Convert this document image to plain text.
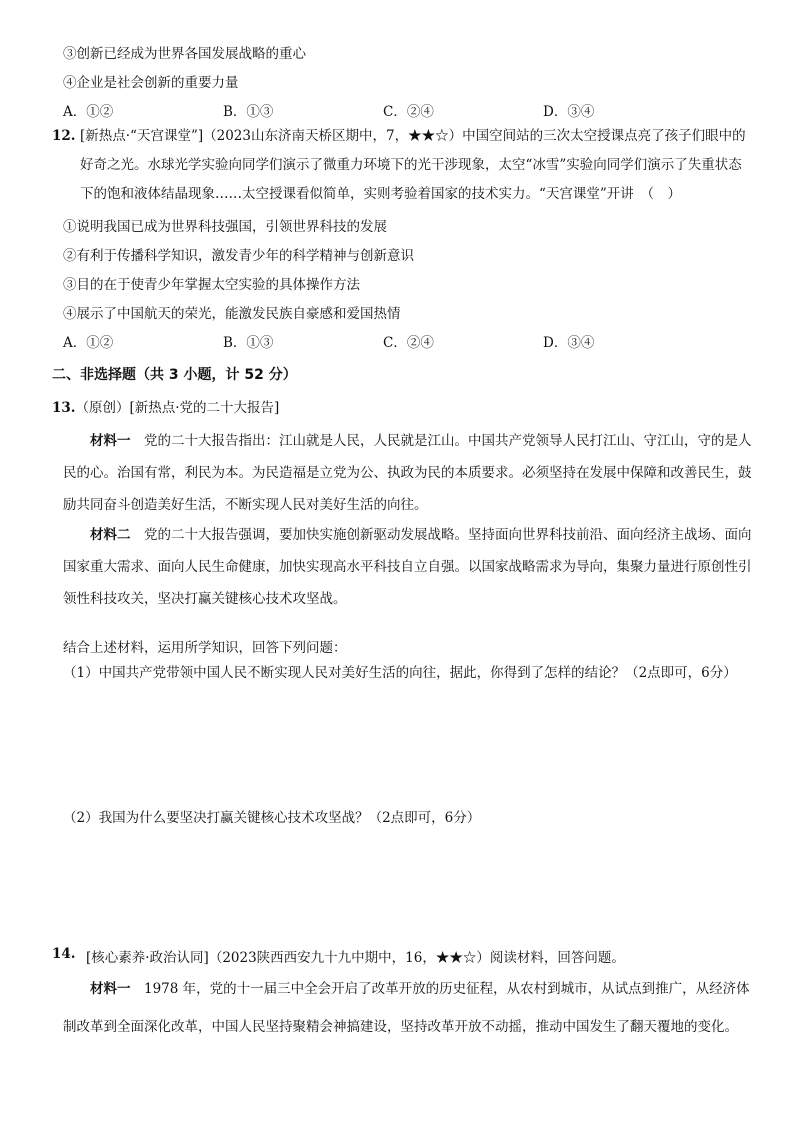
③创新已经成为世界各国发展战略的重心
④企业是社会创新的重要力量
A．①②	B．①③	C．②④	D．③④
12. [新热点·“天宫课堂”]（2023山东济南天桥区期中，7，★★☆）中国空间站的三次太空授课点亮了孩子们眼中的好奇之光。水球光学实验向同学们演示了微重力环境下的光干涉现象，太空“冰雪”实验向同学们演示了失重状态下的饱和液体结晶现象……太空授课看似简单，实则考验着国家的技术实力。“天宫课堂”开讲　（　）
①说明我国已成为世界科技强国，引领世界科技的发展
②有利于传播科学知识，激发青少年的科学精神与创新意识
③目的在于使青少年掌握太空实验的具体操作方法
④展示了中国航天的荣光，能激发民族自豪感和爱国热情
A．①②	B．①③	C．②④	D．③④
二、非选择题（共 3 小题，计 52 分）
13.（原创）[新热点·党的二十大报告]

材料一　 党的二十大报告指出：江山就是人民，人民就是江山。中国共产党领导人民打江山、守江山，守的是人民的心。治国有常，利民为本。为民造福是立党为公、执政为民的本质要求。必须坚持在发展中保障和改善民生，鼓励共同奋斗创造美好生活，不断实现人民对美好生活的向往。

材料二　 党的二十大报告强调，要加快实施创新驱动发展战略。坚持面向世界科技前沿、面向经济主战场、面向国家重大需求、面向人民生命健康，加快实现高水平科技自立自强。以国家战略需求为导向，集聚力量进行原创性引领性科技攻关，坚决打赢关键核心技术攻坚战。

结合上述材料，运用所学知识，回答下列问题：
（1）中国共产党带领中国人民不断实现人民对美好生活的向往，据此，你得到了怎样的结论？（2点即可，6分）
（2）我国为什么要坚决打赢关键核心技术攻坚战？（2点即可，6分）
14. [核心素养·政治认同]（2023陕西西安九十九中期中，16，★★☆）阅读材料，回答问题。

材料一　 1978 年，党的十一届三中全会开启了改革开放的历史征程，从农村到城市，从试点到推广，从经济体制改革到全面深化改革，中国人民坚持聚精会神搞建设，坚持改革开放不动摇，推动中国发生了翻天覆地的变化。
